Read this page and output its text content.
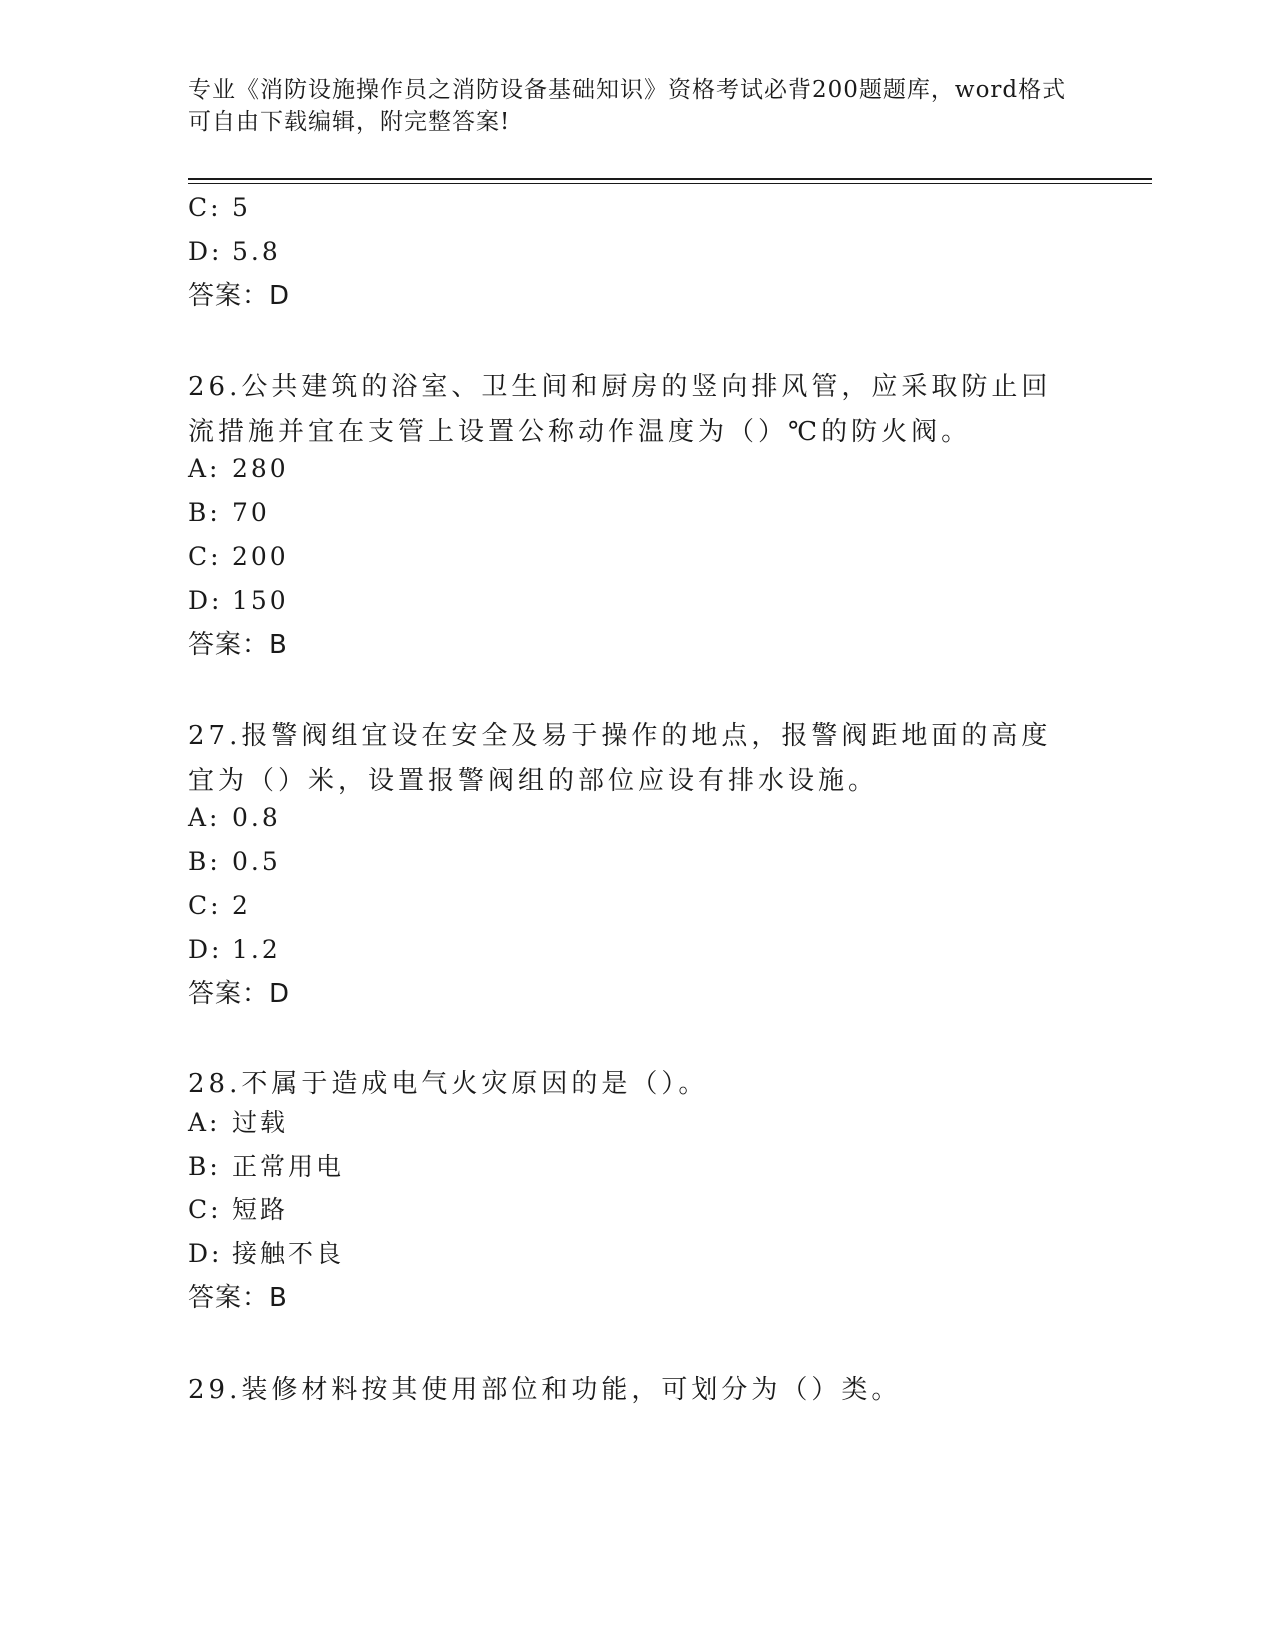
专业《消防设施操作员之消防设备基础知识》资格考试必背200题题库，word格式可自由下载编辑，附完整答案!

C: 5

D: 5.8

答案：D

26.公共建筑的浴室、卫生间和厨房的竖向排风管，应采取防止回流措施并宜在支管上设置公称动作温度为（）℃的防火阀。

A: 280

B: 70

C: 200

D: 150

答案：B

27.报警阀组宜设在安全及易于操作的地点，报警阀距地面的高度宜为（）米，设置报警阀组的部位应设有排水设施。

A: 0.8

B: 0.5

C: 2

D: 1.2

答案：D

28.不属于造成电气火灾原因的是（）。

A: 过载

B: 正常用电

C: 短路

D: 接触不良

答案：B

29.装修材料按其使用部位和功能，可划分为（）类。
